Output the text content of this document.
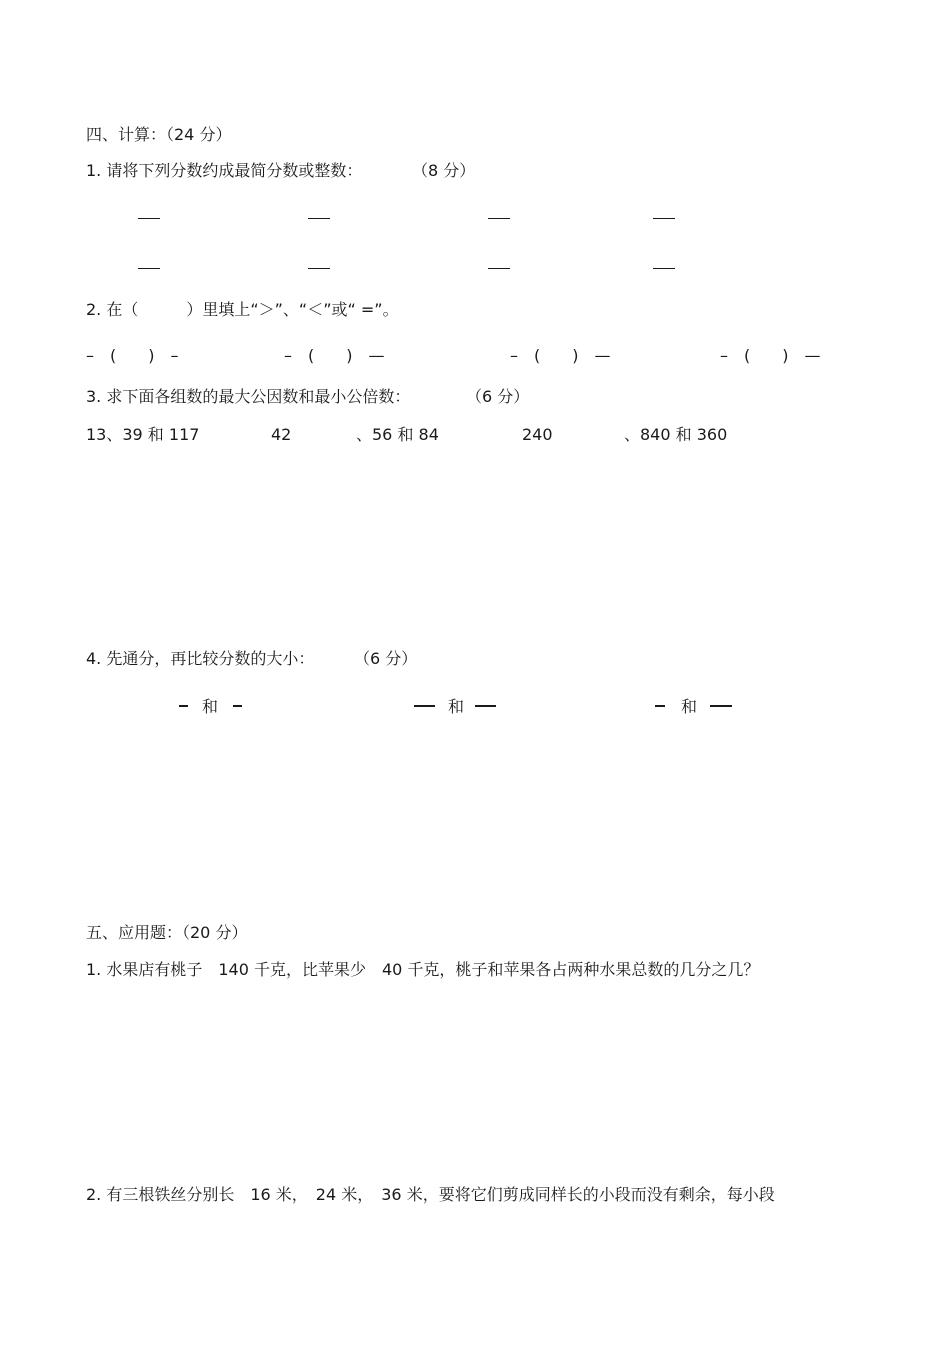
四、计算：（24 分）
1. 请将下列分数约成最简分数或整数：	（8 分）
2. 在（　　　）里填上“＞”、“＜”或“ =”。
–　(　　)　–	–　(　　)　—	–　(　　)　—	–　(　　)　—
3. 求下面各组数的最大公因数和最小公倍数：	（6 分）
13、39 和 117	42	、56 和 84	240	、840 和 360
4. 先通分，再比较分数的大小： （6 分）
和	和	和
五、应用题：（20 分）
1. 水果店有桃子　140 千克，比苹果少　40 千克，桃子和苹果各占两种水果总数的几分之几？
2. 有三根铁丝分别长　16 米，　24 米，　36 米，要将它们剪成同样长的小段而没有剩余，每小段
